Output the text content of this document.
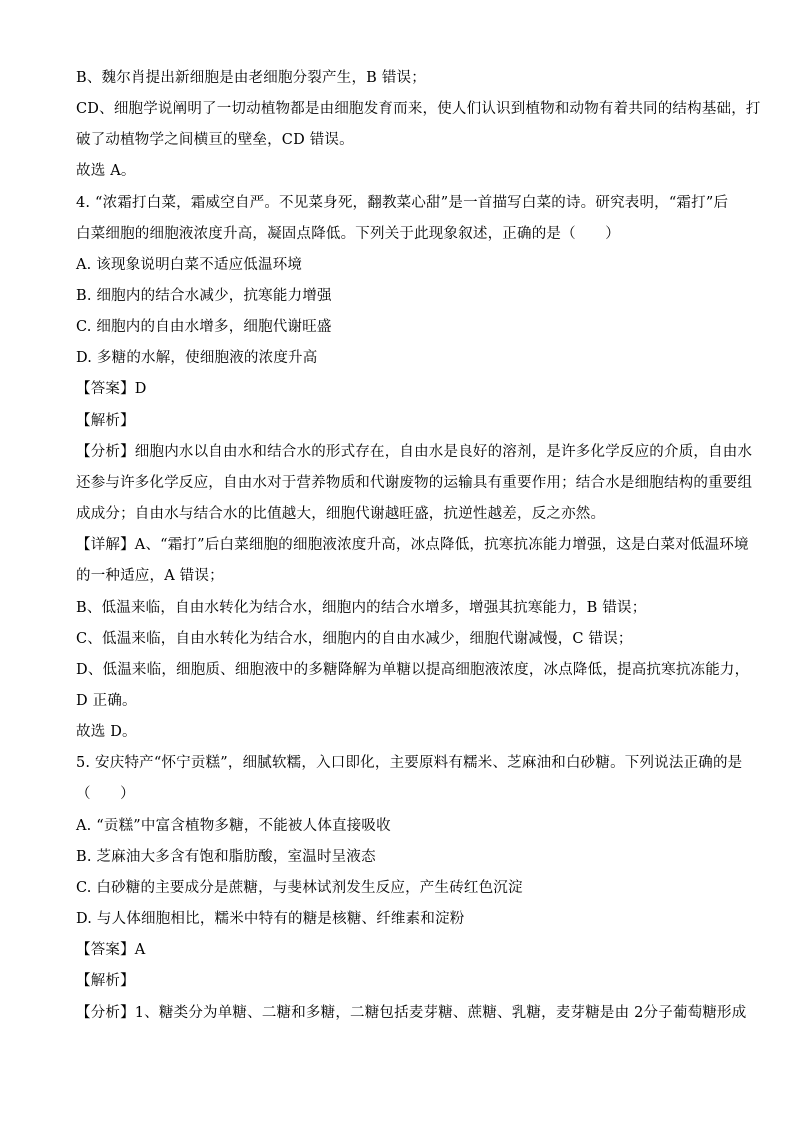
B、魏尔肖提出新细胞是由老细胞分裂产生，B 错误；
CD、细胞学说阐明了一切动植物都是由细胞发育而来，使人们认识到植物和动物有着共同的结构基础，打
破了动植物学之间横亘的壁垒，CD 错误。
故选 A。
4. “浓霜打白菜，霜威空自严。不见菜身死，翻教菜心甜”是一首描写白菜的诗。研究表明，“霜打”后
白菜细胞的细胞液浓度升高，凝固点降低。下列关于此现象叙述，正确的是（　　）
A. 该现象说明白菜不适应低温环境
B. 细胞内的结合水减少，抗寒能力增强
C. 细胞内的自由水增多，细胞代谢旺盛
D. 多糖的水解，使细胞液的浓度升高
【答案】D
【解析】
【分析】细胞内水以自由水和结合水的形式存在，自由水是良好的溶剂，是许多化学反应的介质，自由水
还参与许多化学反应，自由水对于营养物质和代谢废物的运输具有重要作用；结合水是细胞结构的重要组
成成分；自由水与结合水的比值越大，细胞代谢越旺盛，抗逆性越差，反之亦然。
【详解】A、“霜打”后白菜细胞的细胞液浓度升高，冰点降低，抗寒抗冻能力增强，这是白菜对低温环境
的一种适应，A 错误；
B、低温来临，自由水转化为结合水，细胞内的结合水增多，增强其抗寒能力，B 错误；
C、低温来临，自由水转化为结合水，细胞内的自由水减少，细胞代谢减慢，C 错误；
D、低温来临，细胞质、细胞液中的多糖降解为单糖以提高细胞液浓度，冰点降低，提高抗寒抗冻能力，
D 正确。
故选 D。
5. 安庆特产“怀宁贡糕”，细腻软糯，入口即化，主要原料有糯米、芝麻油和白砂糖。下列说法正确的是
（　　）
A. “贡糕”中富含植物多糖，不能被人体直接吸收
B. 芝麻油大多含有饱和脂肪酸，室温时呈液态
C. 白砂糖的主要成分是蔗糖，与斐林试剂发生反应，产生砖红色沉淀
D. 与人体细胞相比，糯米中特有的糖是核糖、纤维素和淀粉
【答案】A
【解析】
【分析】1、糖类分为单糖、二糖和多糖，二糖包括麦芽糖、蔗糖、乳糖，麦芽糖是由 2分子葡萄糖形成
